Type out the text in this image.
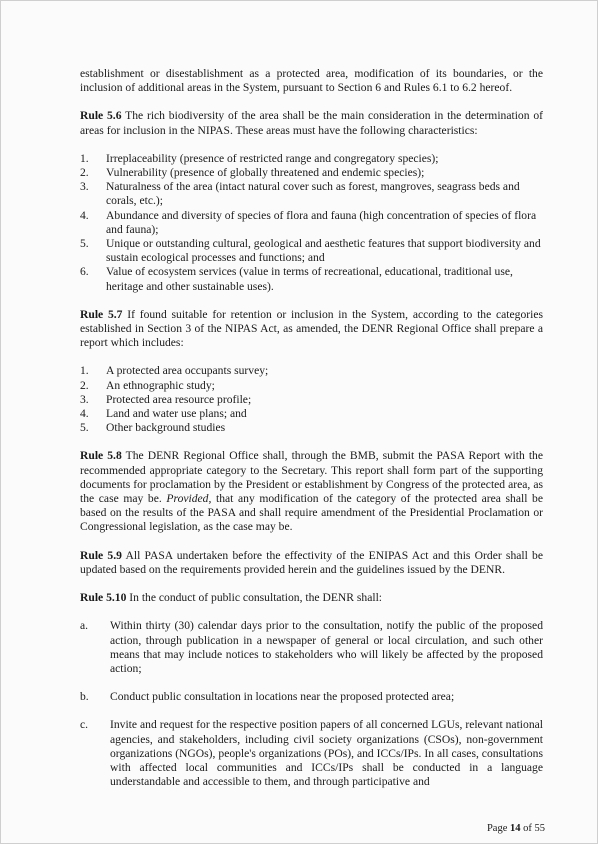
establishment or disestablishment as a protected area, modification of its boundaries, or the inclusion of additional areas in the System, pursuant to Section 6 and Rules 6.1 to 6.2 hereof.

Rule 5.6 The rich biodiversity of the area shall be the main consideration in the determination of areas for inclusion in the NIPAS. These areas must have the following characteristics:

1.	Irreplaceability (presence of restricted range and congregatory species);
2.	Vulnerability (presence of globally threatened and endemic species);
3.	Naturalness of the area (intact natural cover such as forest, mangroves, seagrass beds and corals, etc.);
4.	Abundance and diversity of species of flora and fauna (high concentration of species of flora and fauna);
5.	Unique or outstanding cultural, geological and aesthetic features that support biodiversity and sustain ecological processes and functions; and
6.	Value of ecosystem services (value in terms of recreational, educational, traditional use, heritage and other sustainable uses).

Rule 5.7 If found suitable for retention or inclusion in the System, according to the categories established in Section 3 of the NIPAS Act, as amended, the DENR Regional Office shall prepare a report which includes:

1.	A protected area occupants survey;
2.	An ethnographic study;
3.	Protected area resource profile;
4.	Land and water use plans; and
5.	Other background studies

Rule 5.8 The DENR Regional Office shall, through the BMB, submit the PASA Report with the recommended appropriate category to the Secretary. This report shall form part of the supporting documents for proclamation by the President or establishment by Congress of the protected area, as the case may be. Provided, that any modification of the category of the protected area shall be based on the results of the PASA and shall require amendment of the Presidential Proclamation or Congressional legislation, as the case may be.

Rule 5.9 All PASA undertaken before the effectivity of the ENIPAS Act and this Order shall be updated based on the requirements provided herein and the guidelines issued by the DENR.

Rule 5.10 In the conduct of public consultation, the DENR shall:

a.	Within thirty (30) calendar days prior to the consultation, notify the public of the proposed action, through publication in a newspaper of general or local circulation, and such other means that may include notices to stakeholders who will likely be affected by the proposed action;
b.	Conduct public consultation in locations near the proposed protected area;
c.	Invite and request for the respective position papers of all concerned LGUs, relevant national agencies, and stakeholders, including civil society organizations (CSOs), non-government organizations (NGOs), people's organizations (POs), and ICCs/IPs. In all cases, consultations with affected local communities and ICCs/IPs shall be conducted in a language understandable and accessible to them, and through participative and
Page 14 of 55
